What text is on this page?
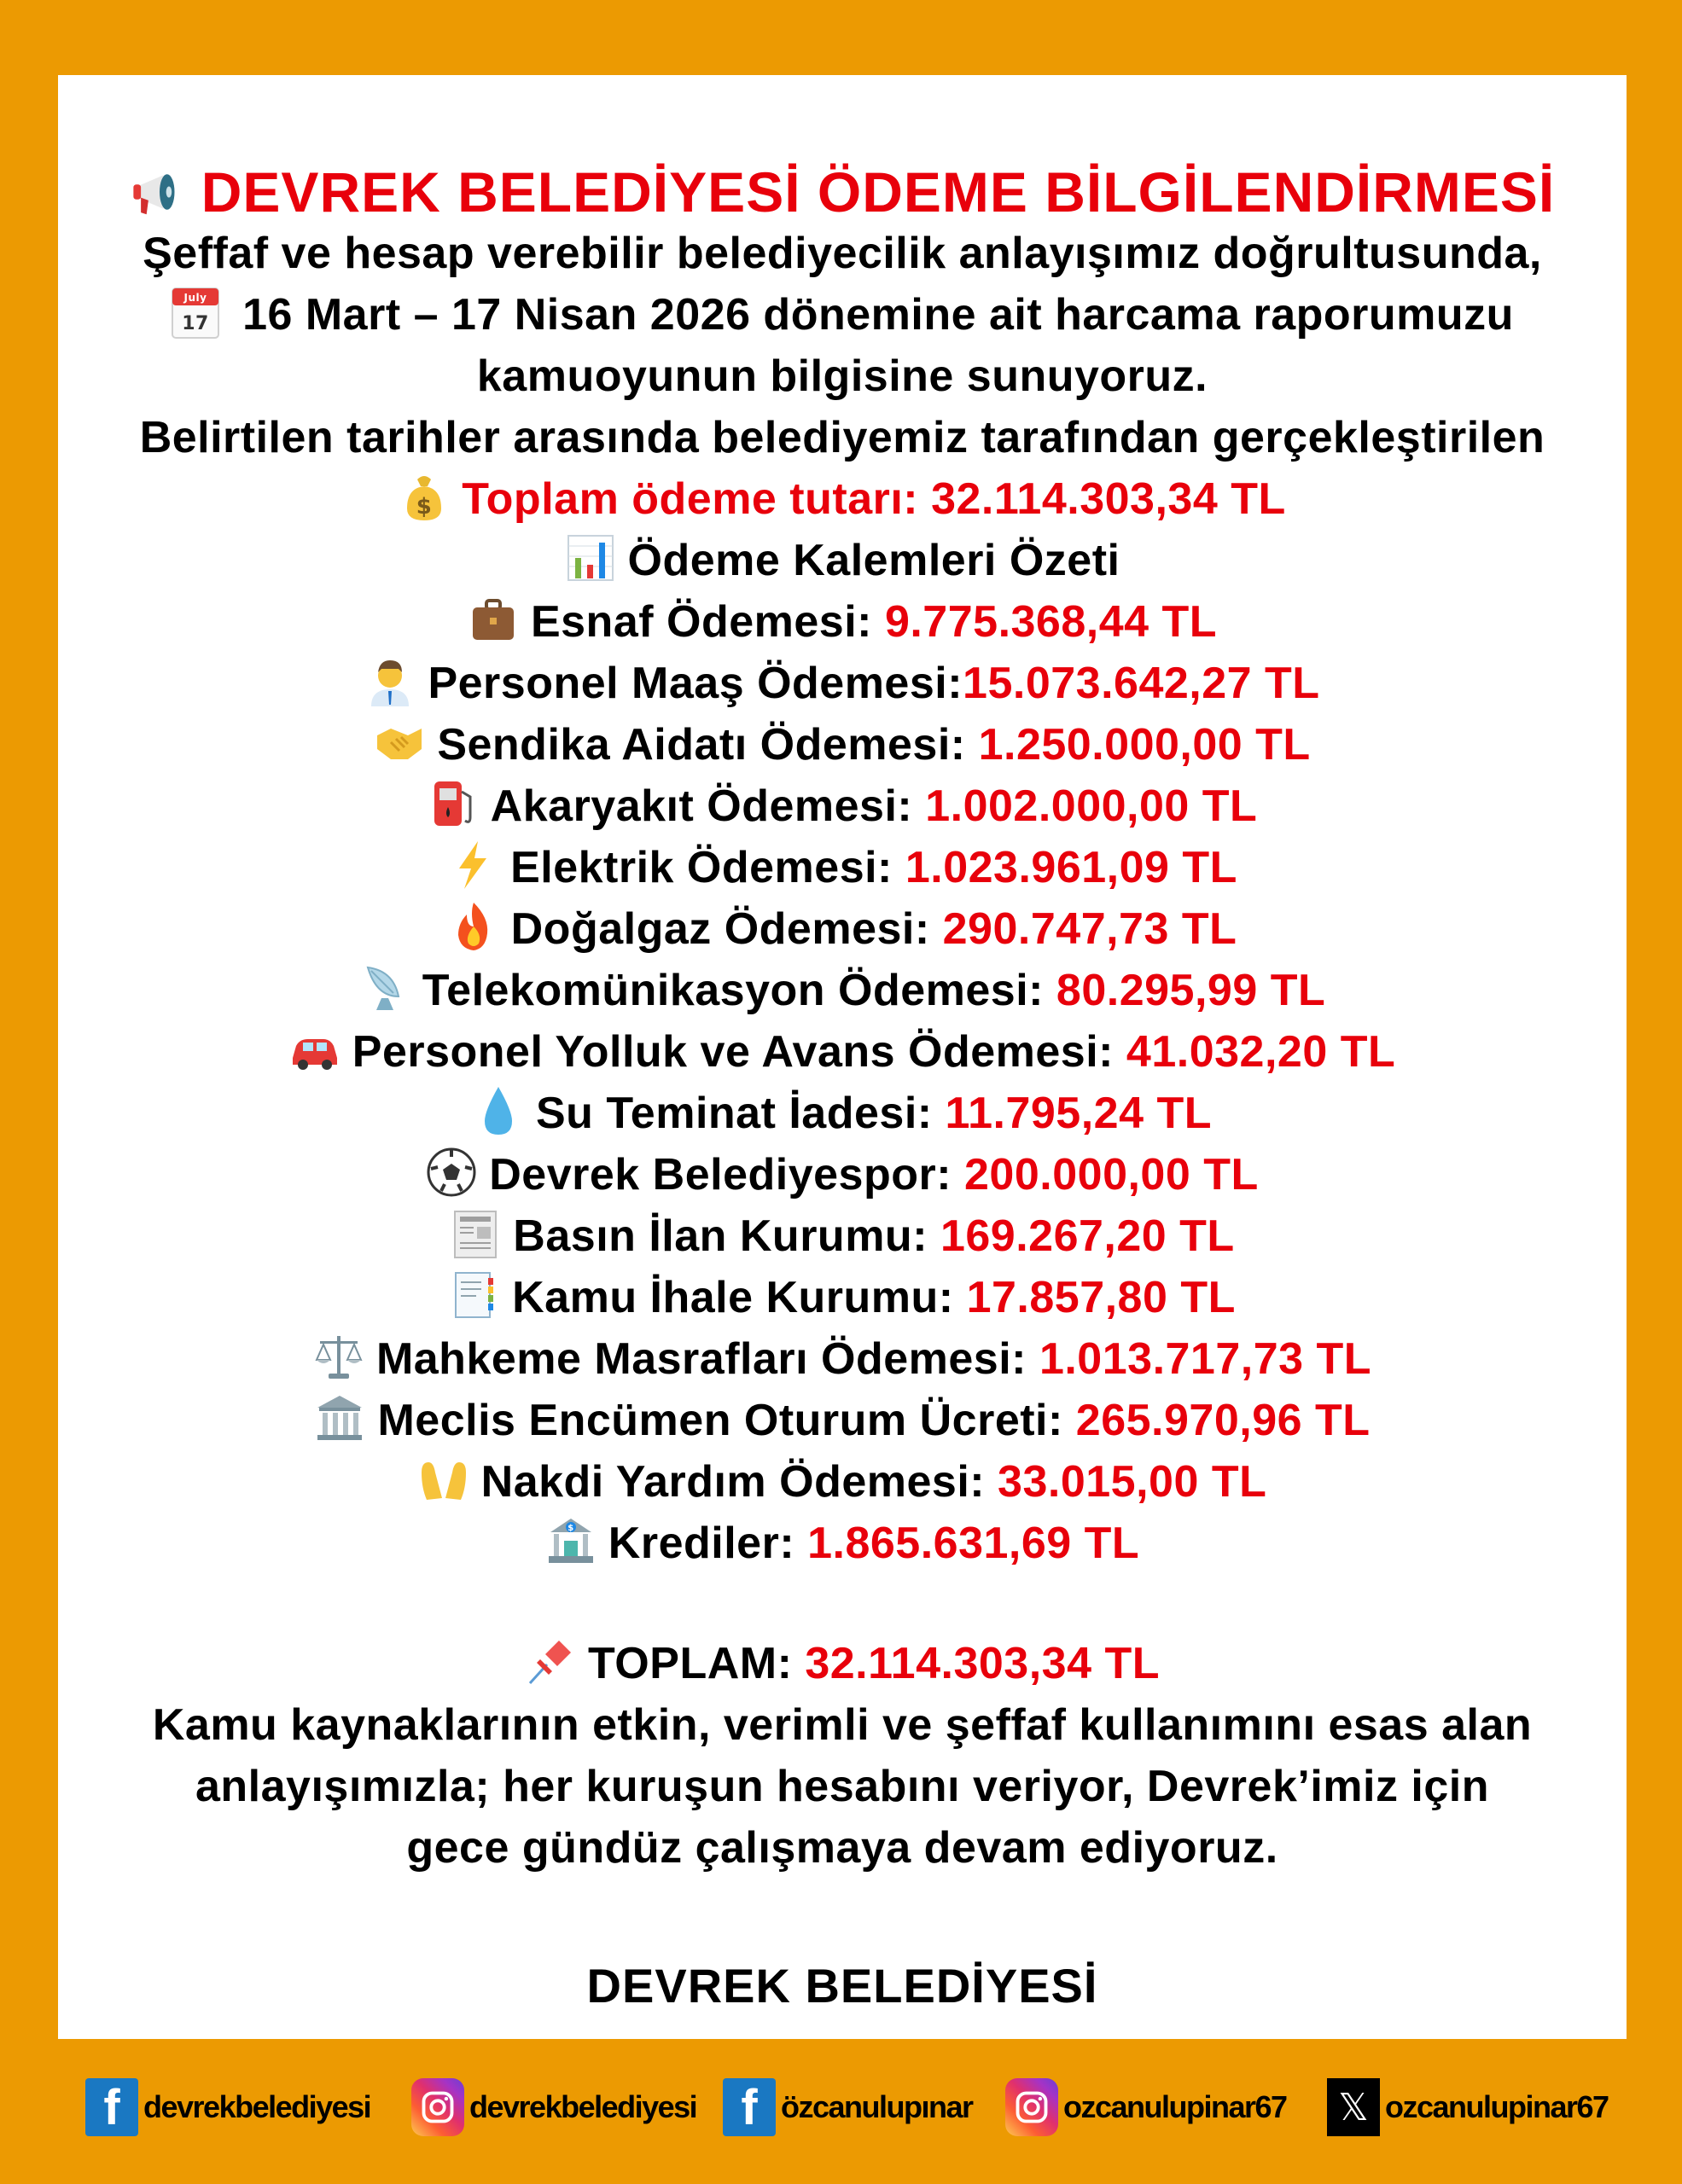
DEVREK BELEDİYESİ ÖDEME BİLGİLENDİRMESİ
Şeffaf ve hesap verebilir belediyecilik anlayışımız doğrultusunda,
July
17 16 Mart – 17 Nisan 2026 dönemine ait harcama raporumuzu
kamuoyunun bilgisine sunuyoruz.
Belirtilen tarihler arasında belediyemiz tarafından gerçekleştirilen
$ Toplam ödeme tutarı: 32.114.303,34 TL
Ödeme Kalemleri Özeti
Esnaf Ödemesi: 9.775.368,44 TL
Personel Maaş Ödemesi:15.073.642,27 TL
Sendika Aidatı Ödemesi: 1.250.000,00 TL
Akaryakıt Ödemesi: 1.002.000,00 TL
Elektrik Ödemesi: 1.023.961,09 TL
Doğalgaz Ödemesi: 290.747,73 TL
Telekomünikasyon Ödemesi: 80.295,99 TL
Personel Yolluk ve Avans Ödemesi: 41.032,20 TL
Su Teminat İadesi: 11.795,24 TL
Devrek Belediyespor: 200.000,00 TL
Basın İlan Kurumu: 169.267,20 TL
Kamu İhale Kurumu: 17.857,80 TL
Mahkeme Masrafları Ödemesi: 1.013.717,73 TL
Meclis Encümen Oturum Ücreti: 265.970,96 TL
Nakdi Yardım Ödemesi: 33.015,00 TL
$ Krediler: 1.865.631,69 TL
TOPLAM: 32.114.303,34 TL
Kamu kaynaklarının etkin, verimli ve şeffaf kullanımını esas alan
anlayışımızla; her kuruşun hesabını veriyor, Devrek’imiz için
gece gündüz çalışmaya devam ediyoruz.
DEVREK BELEDİYESİ
f devrekbelediyesi	devrekbelediyesi f özcanulupınar	ozcanulupinar67 𝕏 ozcanulupinar67
